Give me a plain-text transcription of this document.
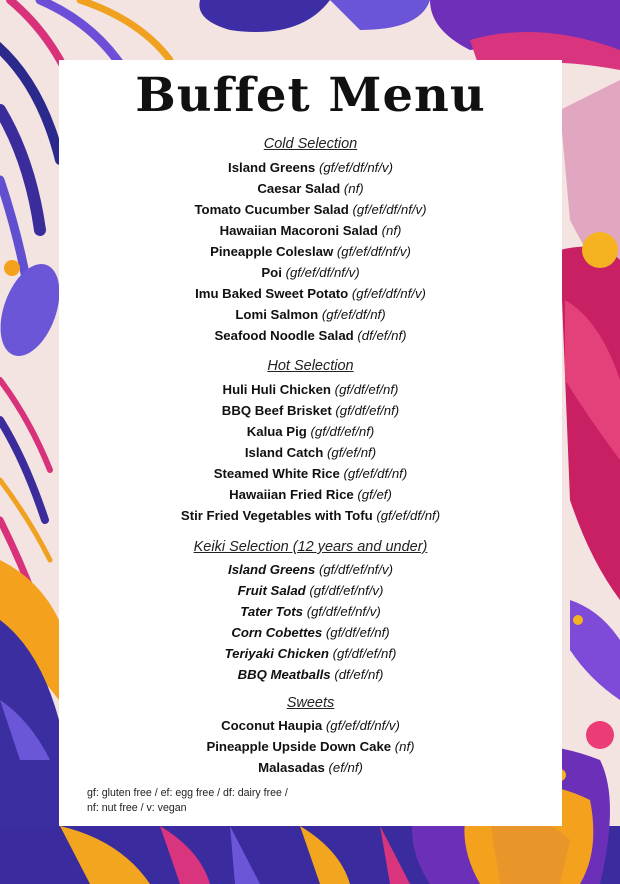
Buffet Menu
Cold Selection
Island Greens (gf/ef/df/nf/v)
Caesar Salad (nf)
Tomato Cucumber Salad (gf/ef/df/nf/v)
Hawaiian Macoroni Salad (nf)
Pineapple Coleslaw (gf/ef/df/nf/v)
Poi (gf/ef/df/nf/v)
Imu Baked Sweet Potato (gf/ef/df/nf/v)
Lomi Salmon (gf/ef/df/nf)
Seafood Noodle Salad (df/ef/nf)
Hot Selection
Huli Huli Chicken (gf/df/ef/nf)
BBQ Beef Brisket (gf/df/ef/nf)
Kalua Pig (gf/df/ef/nf)
Island Catch (gf/ef/nf)
Steamed White Rice (gf/ef/df/nf)
Hawaiian Fried Rice (gf/ef)
Stir Fried Vegetables with Tofu (gf/ef/df/nf)
Keiki Selection (12 years and under)
Island Greens (gf/df/ef/nf/v)
Fruit Salad (gf/df/ef/nf/v)
Tater Tots (gf/df/ef/nf/v)
Corn Cobettes (gf/df/ef/nf)
Teriyaki Chicken (gf/df/ef/nf)
BBQ Meatballs (df/ef/nf)
Sweets
Coconut Haupia (gf/ef/df/nf/v)
Pineapple Upside Down Cake (nf)
Malasadas (ef/nf)
gf: gluten free / ef: egg free / df: dairy free /
nf: nut free / v: vegan
